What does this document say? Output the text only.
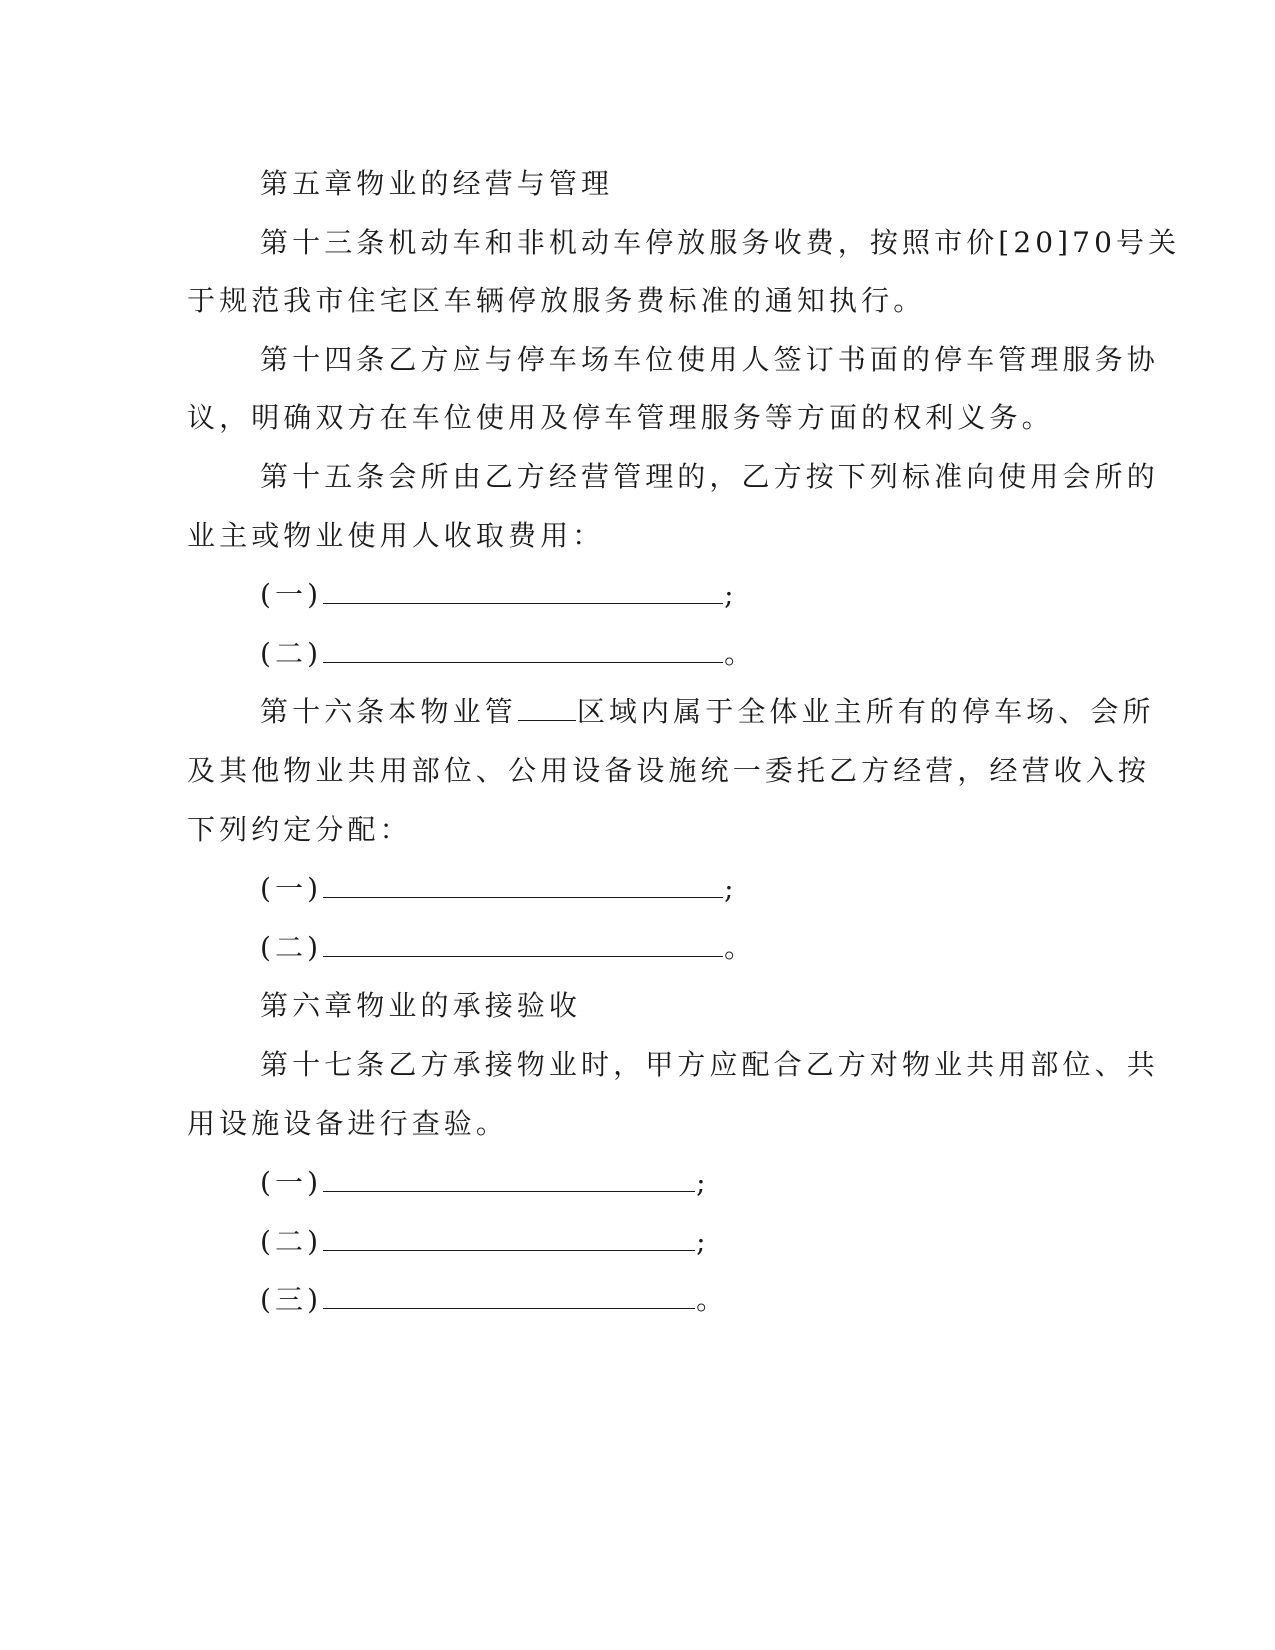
第五章物业的经营与管理
第十三条机动车和非机动车停放服务收费，按照市价[20]70号关
于规范我市住宅区车辆停放服务费标准的通知执行。
第十四条乙方应与停车场车位使用人签订书面的停车管理服务协
议，明确双方在车位使用及停车管理服务等方面的权利义务。
第十五条会所由乙方经营管理的，乙方按下列标准向使用会所的
业主或物业使用人收取费用：
(一)	;
(二)	。
第十六条本物业管 区域内属于全体业主所有的停车场、会所
及其他物业共用部位、公用设备设施统一委托乙方经营，经营收入按
下列约定分配：
(一)	;
(二)	。
第六章物业的承接验收
第十七条乙方承接物业时，甲方应配合乙方对物业共用部位、共
用设施设备进行查验。
(一)	;
(二)	;
(三)	。
